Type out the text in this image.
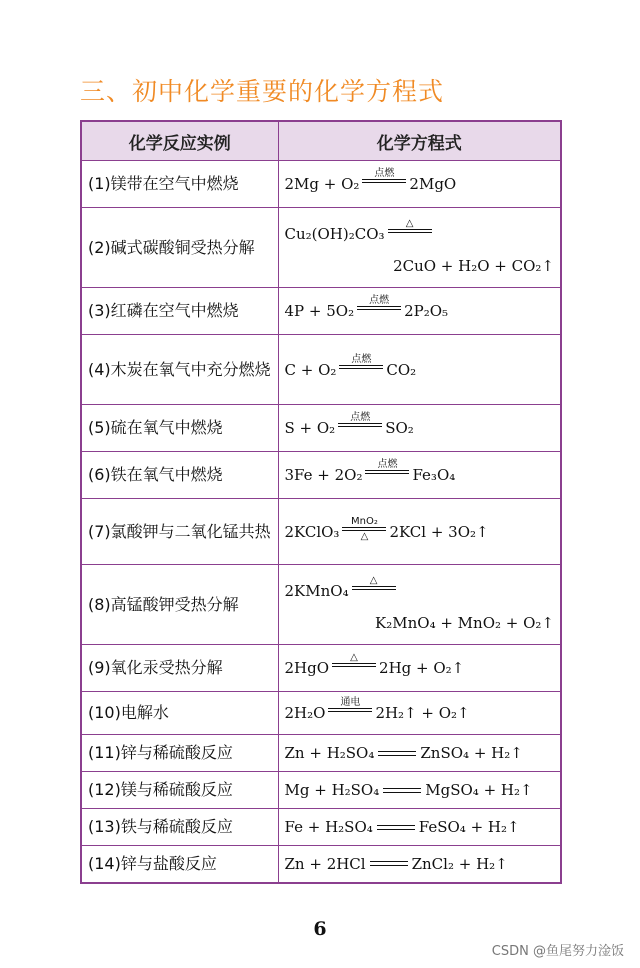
三、初中化学重要的化学方程式
化学反应实例	化学方程式
(1)镁带在空气中燃烧	2Mg + O₂
点燃
2MgO

(2)碱式碳酸铜受热分解	Cu₂(OH)₂CO₃
△
2CuO + H₂O + CO₂↑

(3)红磷在空气中燃烧	4P + 5O₂
点燃
2P₂O₅

(4)木炭在氧气中充分燃烧	C + O₂
点燃
CO₂

(5)硫在氧气中燃烧	S + O₂
点燃
SO₂

(6)铁在氧气中燃烧	3Fe + 2O₂
点燃
Fe₃O₄

(7)氯酸钾与二氧化锰共热	2KClO₃
MnO₂
△ 2KCl + 3O₂↑

(8)高锰酸钾受热分解	2KMnO₄
△
K₂MnO₄ + MnO₂ + O₂↑

(9)氧化汞受热分解	2HgO
△
2Hg + O₂↑

(10)电解水	2H₂O
通电
2H₂↑ + O₂↑

(11)锌与稀硫酸反应	Zn + H₂SO₄ ZnSO₄ + H₂↑

(12)镁与稀硫酸反应	Mg + H₂SO₄ MgSO₄ + H₂↑

(13)铁与稀硫酸反应	Fe + H₂SO₄ FeSO₄ + H₂↑

(14)锌与盐酸反应	Zn + 2HCl ZnCl₂ + H₂↑
6
CSDN @鱼尾努力淦饭
